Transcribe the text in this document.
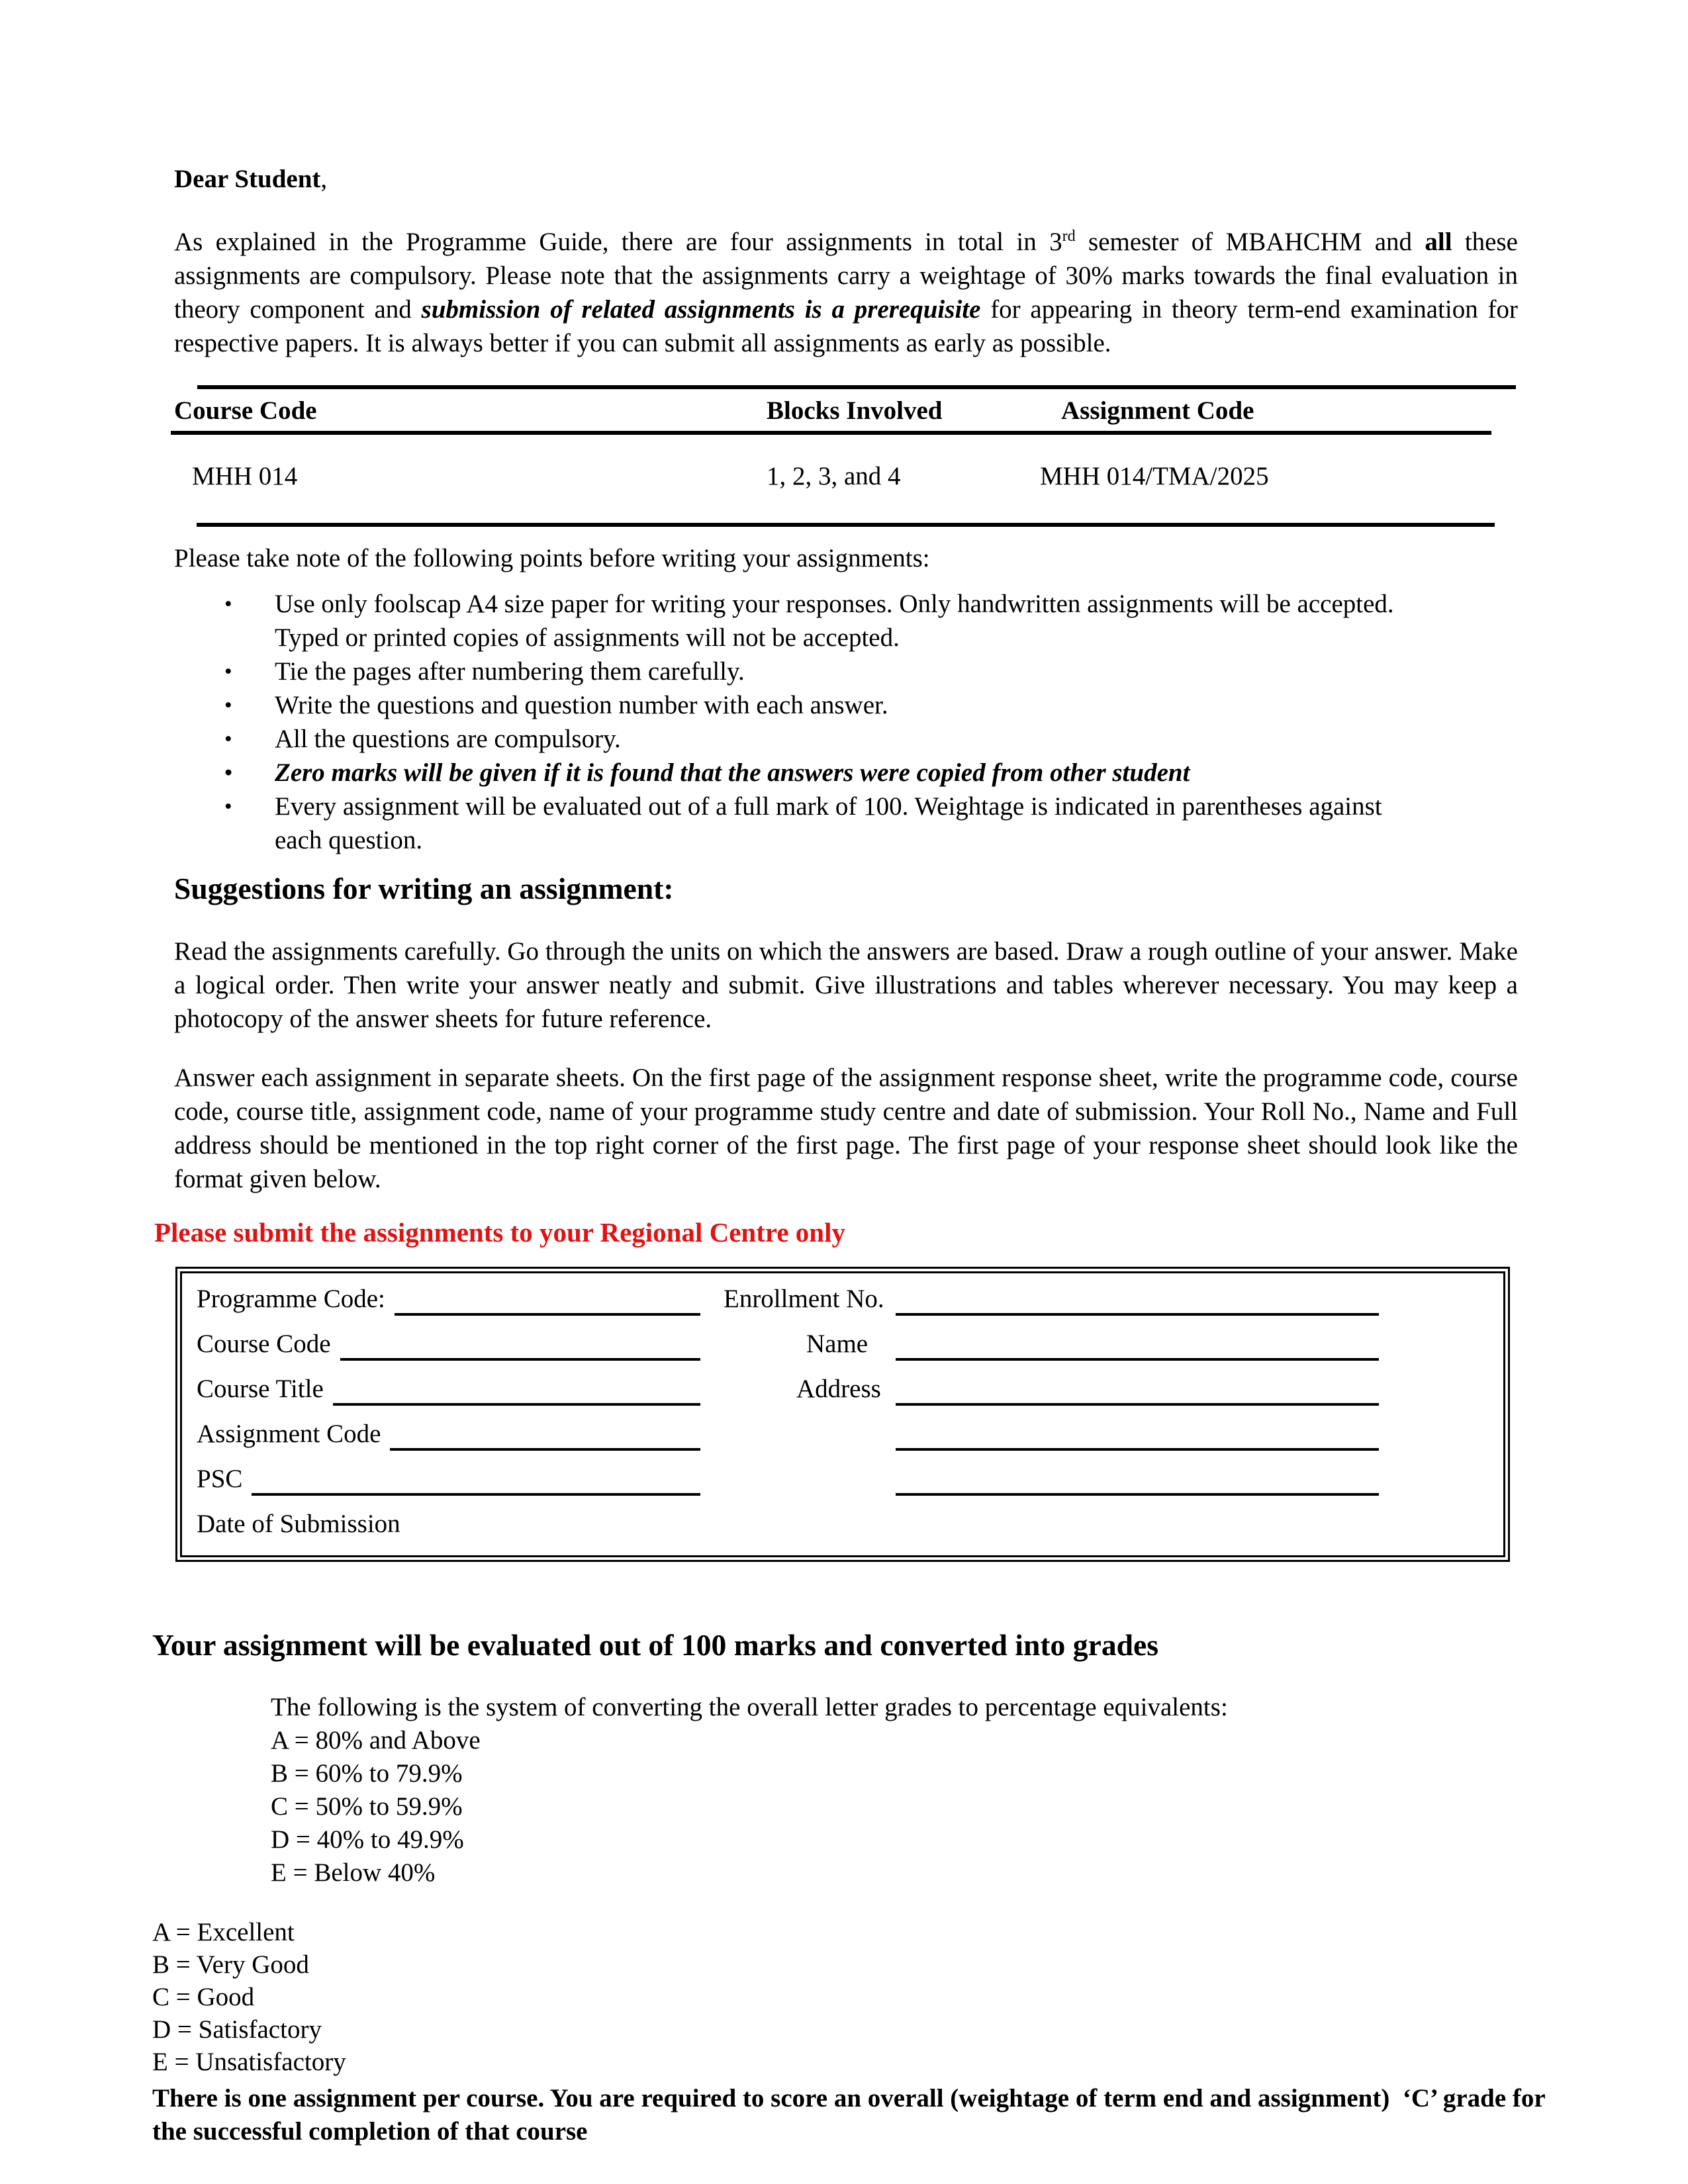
Dear Student,

As explained in the Programme Guide, there are four assignments in total in 3rd semester of MBAHCHM and all these assignments are compulsory. Please note that the assignments carry a weightage of 30% marks towards the final evaluation in theory component and submission of related assignments is a prerequisite for appearing in theory term-end examination for respective papers. It is always better if you can submit all assignments as early as possible.

Course Code	Blocks Involved	Assignment Code
MHH 014	1, 2, 3, and 4	MHH 014/TMA/2025

Please take note of the following points before writing your assignments:

• Use only foolscap A4 size paper for writing your responses. Only handwritten assignments will be accepted. Typed or printed copies of assignments will not be accepted.
• Tie the pages after numbering them carefully.
• Write the questions and question number with each answer.
• All the questions are compulsory.
• Zero marks will be given if it is found that the answers were copied from other student
• Every assignment will be evaluated out of a full mark of 100. Weightage is indicated in parentheses against each question.
Suggestions for writing an assignment:

Read the assignments carefully. Go through the units on which the answers are based. Draw a rough outline of your answer. Make a logical order. Then write your answer neatly and submit. Give illustrations and tables wherever necessary. You may keep a photocopy of the answer sheets for future reference.

Answer each assignment in separate sheets. On the first page of the assignment response sheet, write the programme code, course code, course title, assignment code, name of your programme study centre and date of submission. Your Roll No., Name and Full address should be mentioned in the top right corner of the first page. The first page of your response sheet should look like the format given below.

Please submit the assignments to your Regional Centre only
Programme Code:	Enrollment No.
Course Code	Name
Course Title	Address
Assignment Code
PSC
Date of Submission
Your assignment will be evaluated out of 100 marks and converted into grades
The following is the system of converting the overall letter grades to percentage equivalents:
A = 80% and Above
B = 60% to 79.9%
C = 50% to 59.9%
D = 40% to 49.9%
E = Below 40%
A = Excellent
B = Very Good
C = Good
D = Satisfactory
E = Unsatisfactory

There is one assignment per course. You are required to score an overall (weightage of term end and assignment)  ‘C’ grade for the successful completion of that course
